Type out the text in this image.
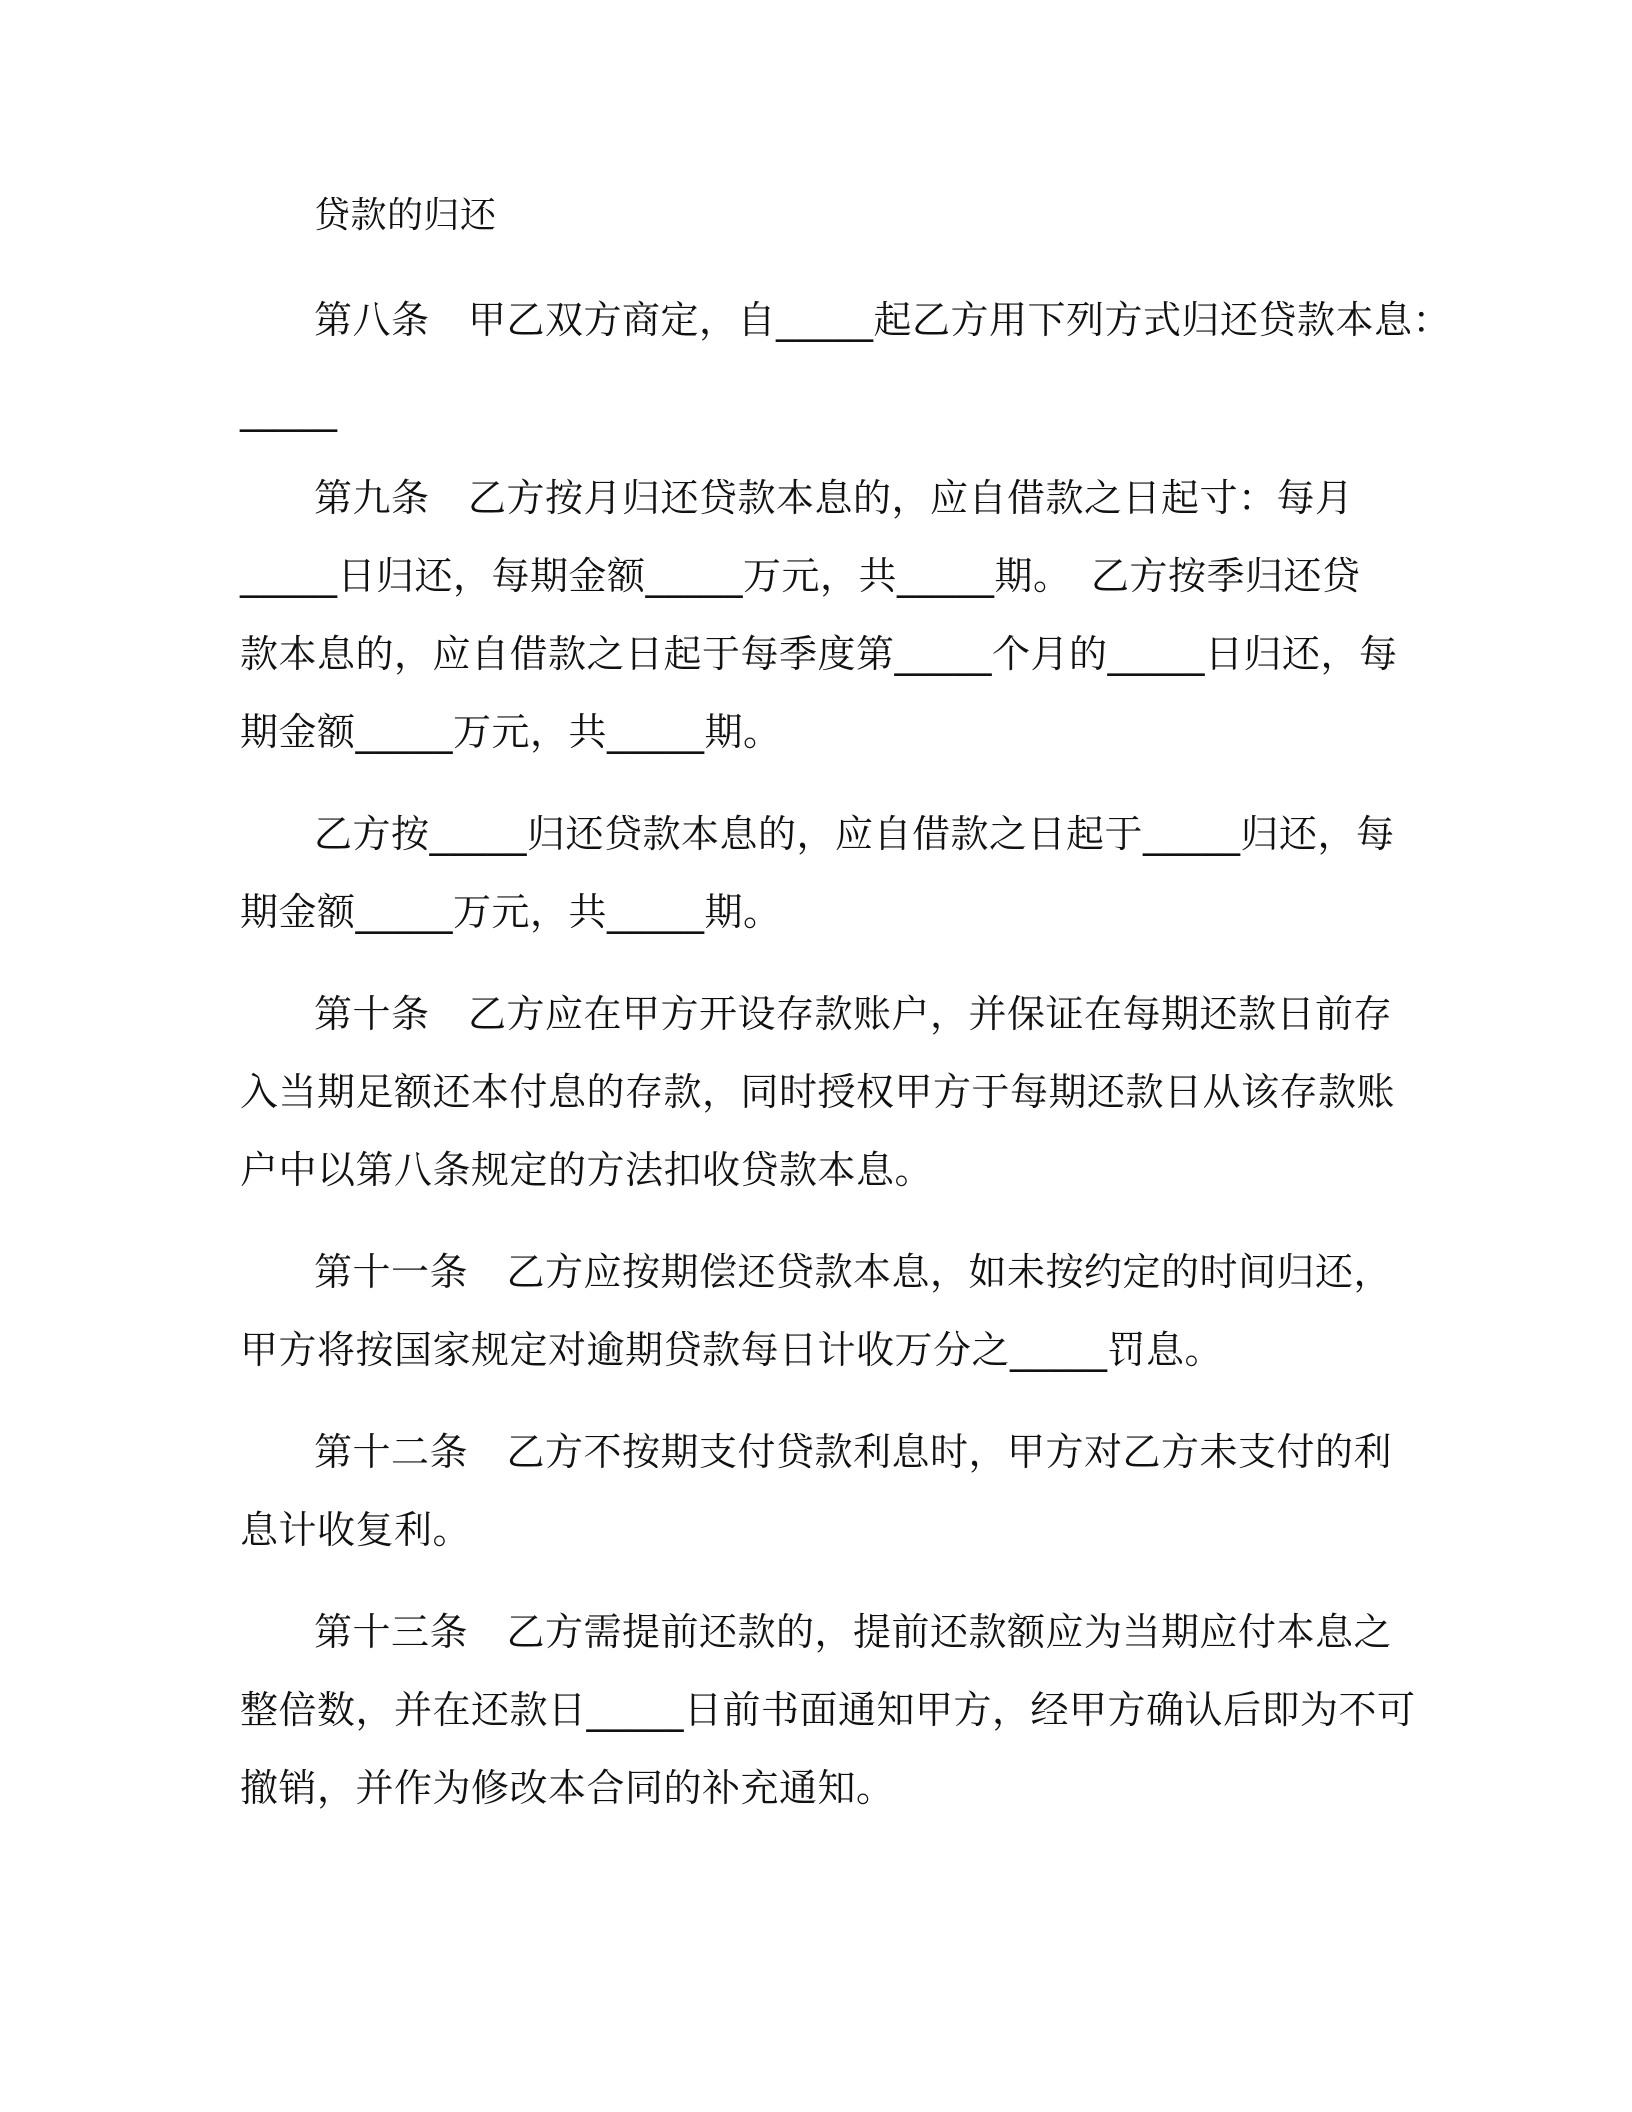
贷款的归还
第八条　甲乙双方商定，自_____起乙方用下列方式归还贷款本息：
_____
第九条　乙方按月归还贷款本息的，应自借款之日起寸：每月
_____日归还，每期金额_____万元，共_____期。　乙方按季归还贷
款本息的，应自借款之日起于每季度第_____个月的_____日归还，每
期金额_____万元，共_____期。
乙方按_____归还贷款本息的，应自借款之日起于_____归还，每
期金额_____万元，共_____期。
第十条　乙方应在甲方开设存款账户，并保证在每期还款日前存
入当期足额还本付息的存款，同时授权甲方于每期还款日从该存款账
户中以第八条规定的方法扣收贷款本息。
第十一条　乙方应按期偿还贷款本息，如未按约定的时间归还，
甲方将按国家规定对逾期贷款每日计收万分之_____罚息。
第十二条　乙方不按期支付贷款利息时，甲方对乙方未支付的利
息计收复利。
第十三条　乙方需提前还款的，提前还款额应为当期应付本息之
整倍数，并在还款日_____日前书面通知甲方，经甲方确认后即为不可
撤销，并作为修改本合同的补充通知。
